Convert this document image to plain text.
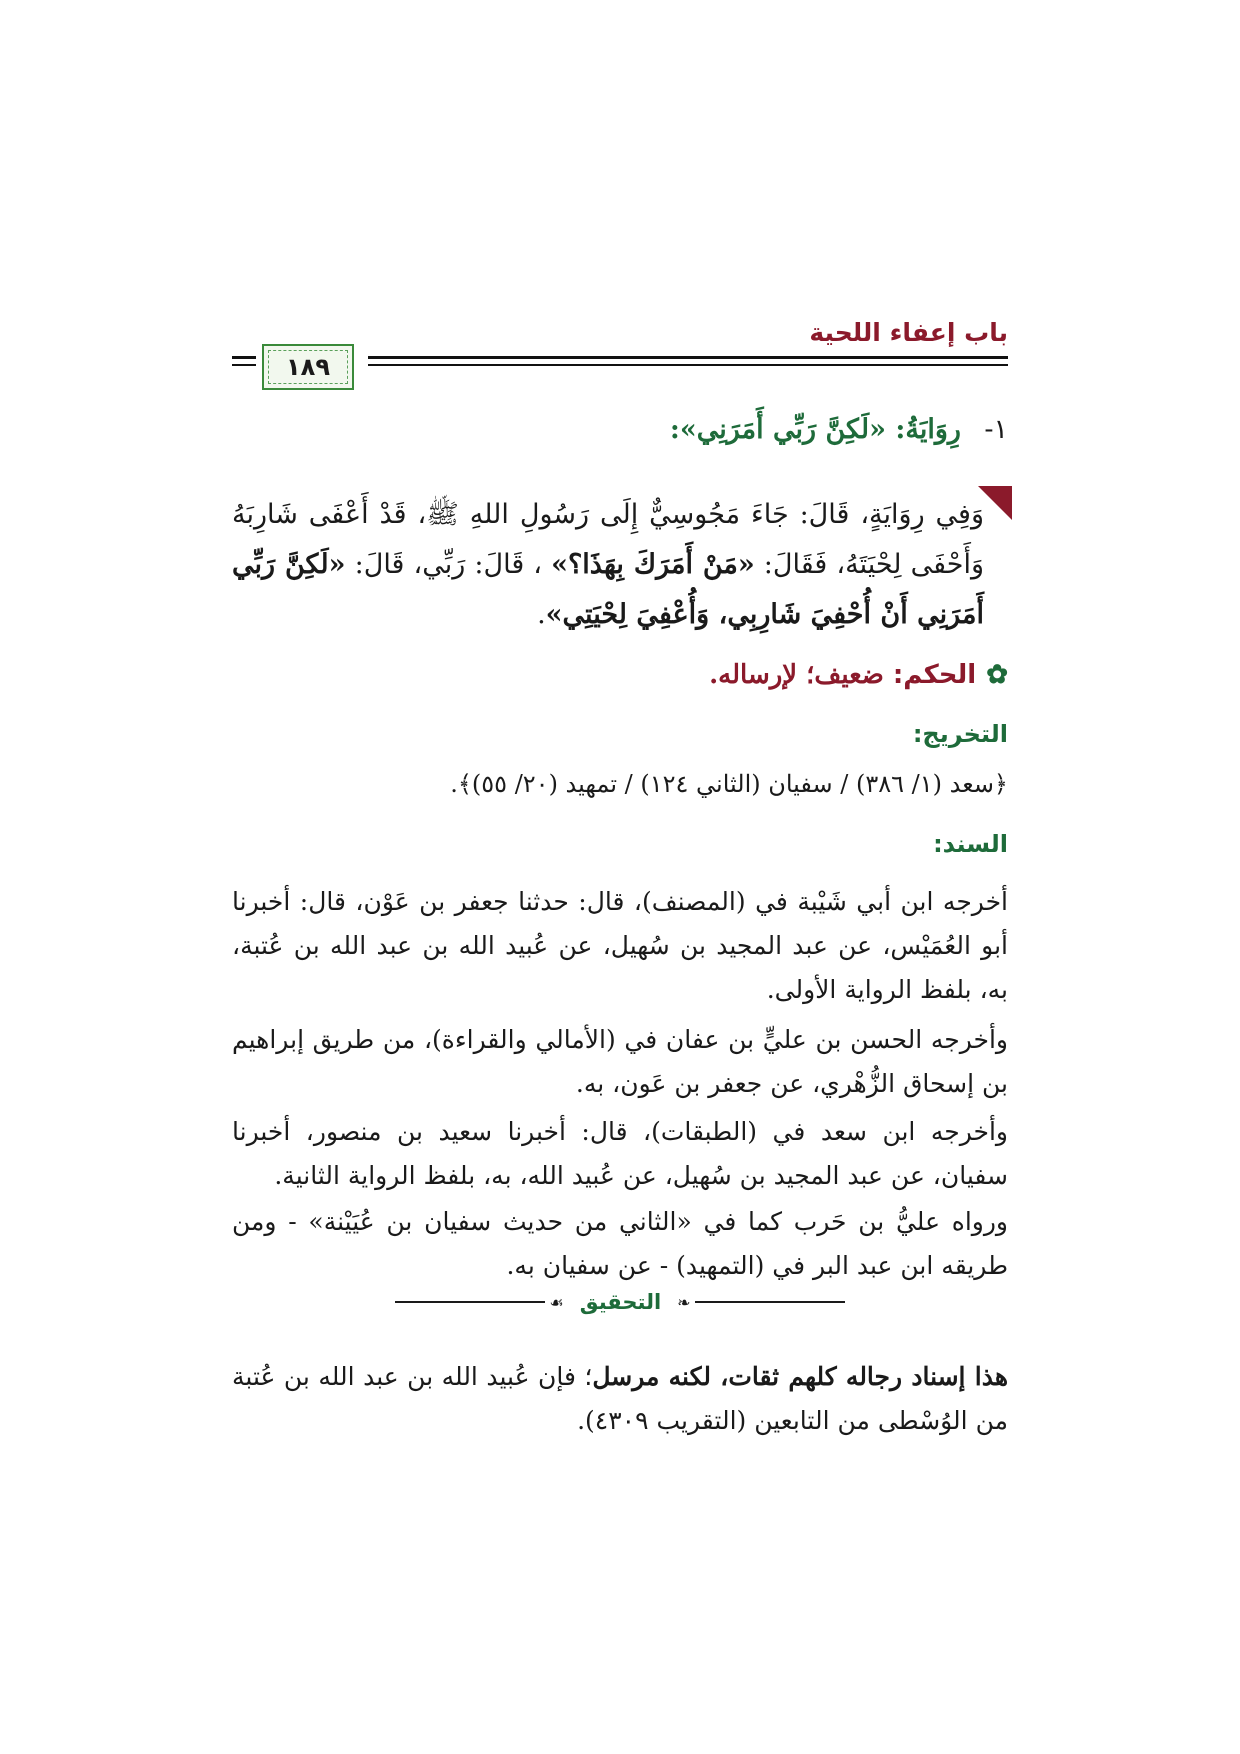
باب إعفاء اللحية
١٨٩
١- رِوَايَةُ: «لَكِنَّ رَبِّي أَمَرَنِي»:
وَفِي رِوَايَةٍ، قَالَ: جَاءَ مَجُوسِيٌّ إِلَى رَسُولِ اللهِ ﷺ، قَدْ أَعْفَى شَارِبَهُ وَأَحْفَى لِحْيَتَهُ، فَقَالَ: «مَنْ أَمَرَكَ بِهَذَا؟» ، قَالَ: رَبِّي، قَالَ: «لَكِنَّ رَبِّي أَمَرَنِي أَنْ أُحْفِيَ شَارِبِي، وَأُعْفِيَ لِحْيَتِي».
✿الحكم: ضعيف؛ لإرساله.
التخريج:
﴿سعد (١/ ٣٨٦) / سفيان (الثاني ١٢٤) / تمهيد (٢٠/ ٥٥)﴾.
السند:
أخرجه ابن أبي شَيْبة في (المصنف)، قال: حدثنا جعفر بن عَوْن، قال: أخبرنا أبو العُمَيْس، عن عبد المجيد بن سُهيل، عن عُبيد الله بن عبد الله بن عُتبة، به، بلفظ الرواية الأولى.
وأخرجه الحسن بن عليٍّ بن عفان في (الأمالي والقراءة)، من طريق إبراهيم بن إسحاق الزُّهْري، عن جعفر بن عَون، به.
وأخرجه ابن سعد في (الطبقات)، قال: أخبرنا سعيد بن منصور، أخبرنا سفيان، عن عبد المجيد بن سُهيل، عن عُبيد الله، به، بلفظ الرواية الثانية.
ورواه عليُّ بن حَرب كما في «الثاني من حديث سفيان بن عُيَيْنة» - ومن طريقه ابن عبد البر في (التمهيد) - عن سفيان به.
❧
التحقيق
☙
هذا إسناد رجاله كلهم ثقات، لكنه مرسل؛ فإن عُبيد الله بن عبد الله بن عُتبة من الوُسْطى من التابعين (التقريب ٤٣٠٩).
